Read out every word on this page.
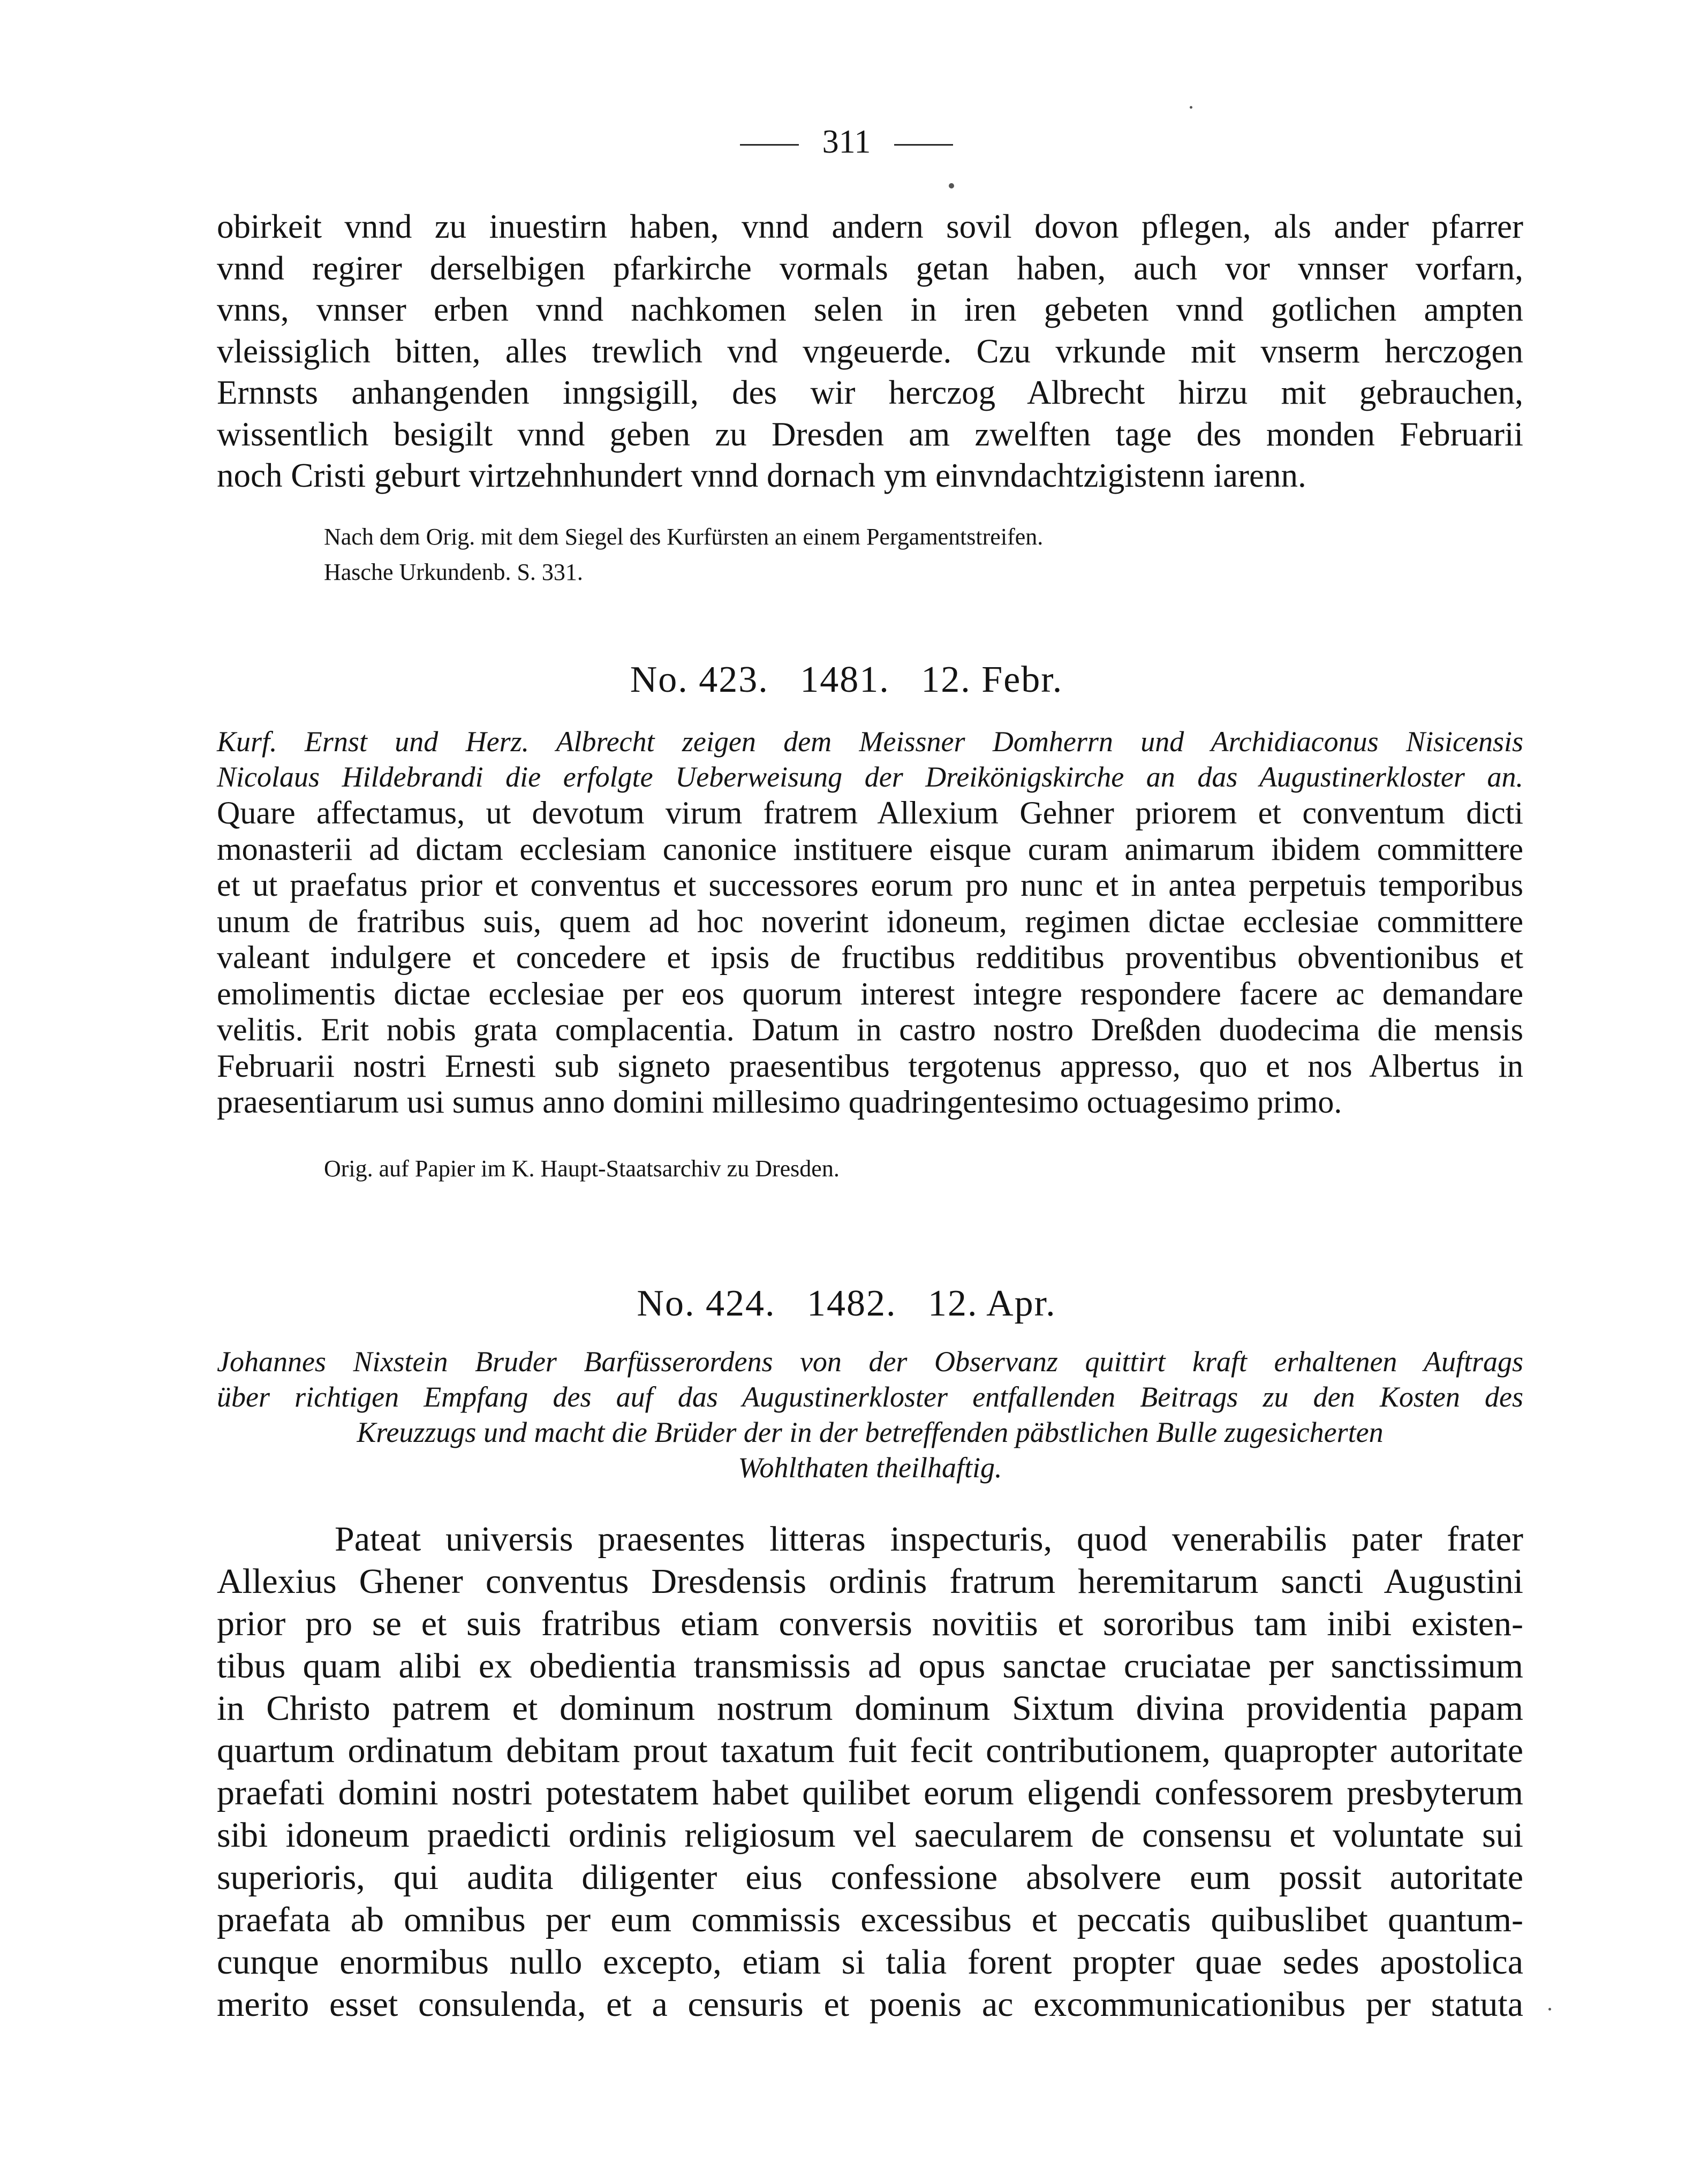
311
obirkeit vnnd zu inuestirn haben, vnnd andern sovil dovon pflegen, als ander pfarrer
vnnd regirer derselbigen pfarkirche vormals getan haben, auch vor vnnser vorfarn,
vnns, vnnser erben vnnd nachkomen selen in iren gebeten vnnd gotlichen ampten
vleissiglich bitten, alles trewlich vnd vngeuerde. Czu vrkunde mit vnserm herczogen
Ernnsts anhangenden inngsigill, des wir herczog Albrecht hirzu mit gebrauchen,
wissentlich besigilt vnnd geben zu Dresden am zwelften tage des monden Februarii
noch Cristi geburt virtzehnhundert vnnd dornach ym einvndachtzigistenn iarenn.

Nach dem Orig. mit dem Siegel des Kurfürsten an einem Pergamentstreifen.

Hasche Urkundenb. S. 331.

No. 423.   1481.   12. Febr.
Kurf. Ernst und Herz. Albrecht zeigen dem Meissner Domherrn und Archidiaconus Nisicensis
Nicolaus Hildebrandi die erfolgte Ueberweisung der Dreikönigskirche an das Augustinerkloster an.
Quare affectamus, ut devotum virum fratrem Allexium Gehner priorem et conventum dicti
monasterii ad dictam ecclesiam canonice instituere eisque curam animarum ibidem committere
et ut praefatus prior et conventus et successores eorum pro nunc et in antea perpetuis temporibus
unum de fratribus suis, quem ad hoc noverint idoneum, regimen dictae ecclesiae committere
valeant indulgere et concedere et ipsis de fructibus redditibus proventibus obventionibus et
emolimentis dictae ecclesiae per eos quorum interest integre respondere facere ac demandare
velitis. Erit nobis grata complacentia. Datum in castro nostro Dreßden duodecima die mensis
Februarii nostri Ernesti sub signeto praesentibus tergotenus appresso, quo et nos Albertus in
praesentiarum usi sumus anno domini millesimo quadringentesimo octuagesimo primo.

Orig. auf Papier im K. Haupt-Staatsarchiv zu Dresden.

No. 424.   1482.   12. Apr.
Johannes Nixstein Bruder Barfüsserordens von der Observanz quittirt kraft erhaltenen Auftrags
über richtigen Empfang des auf das Augustinerkloster entfallenden Beitrags zu den Kosten des
Kreuzzugs und macht die Brüder der in der betreffenden päbstlichen Bulle zugesicherten
Wohlthaten theilhaftig.
Pateat universis praesentes litteras inspecturis, quod venerabilis pater frater
Allexius Ghener conventus Dresdensis ordinis fratrum heremitarum sancti Augustini
prior pro se et suis fratribus etiam conversis novitiis et sororibus tam inibi existen-
tibus quam alibi ex obedientia transmissis ad opus sanctae cruciatae per sanctissimum
in Christo patrem et dominum nostrum dominum Sixtum divina providentia papam
quartum ordinatum debitam prout taxatum fuit fecit contributionem, quapropter autoritate
praefati domini nostri potestatem habet quilibet eorum eligendi confessorem presbyterum
sibi idoneum praedicti ordinis religiosum vel saecularem de consensu et voluntate sui
superioris, qui audita diligenter eius confessione absolvere eum possit autoritate
praefata ab omnibus per eum commissis excessibus et peccatis quibuslibet quantum-
cunque enormibus nullo excepto, etiam si talia forent propter quae sedes apostolica
merito esset consulenda, et a censuris et poenis ac excommunicationibus per statuta
